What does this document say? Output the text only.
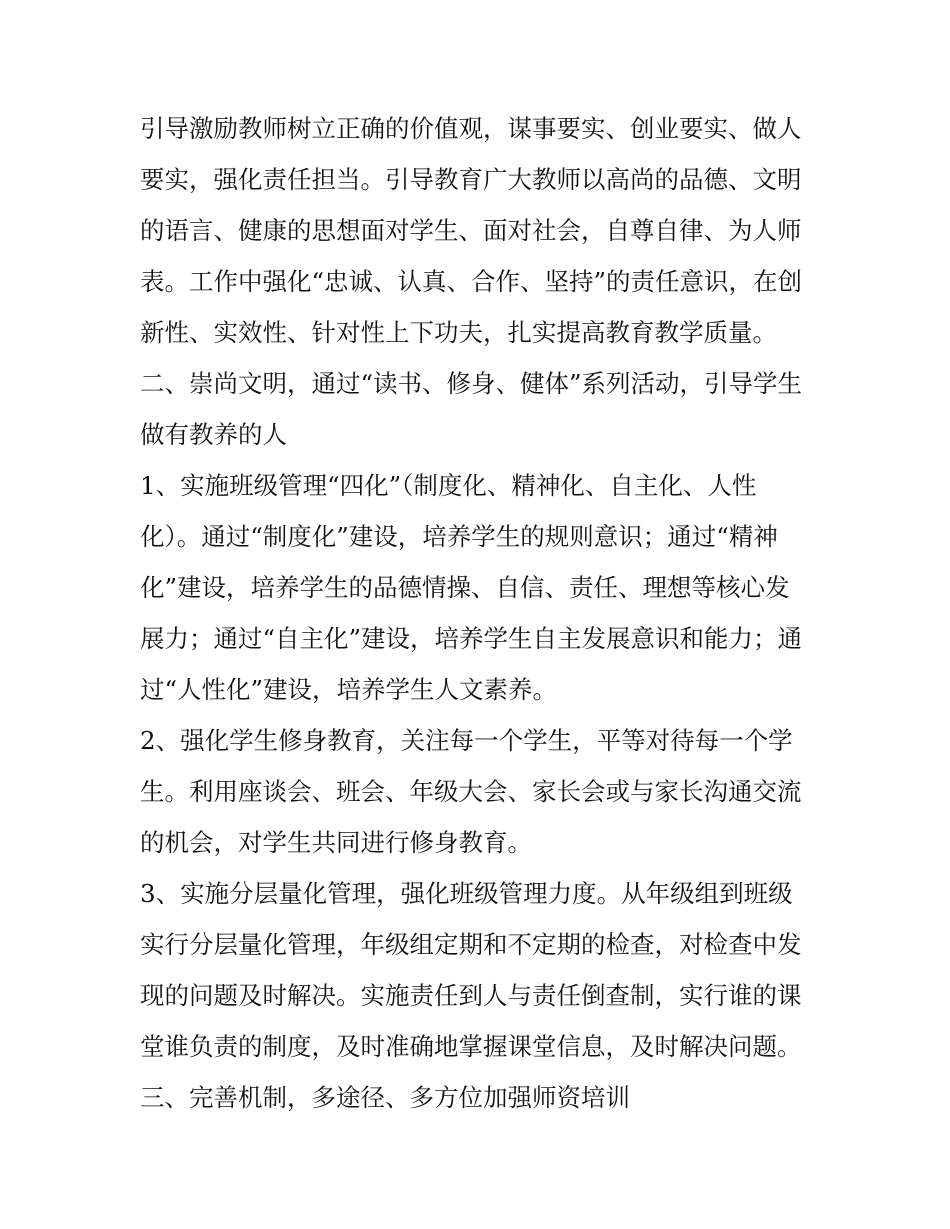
引导激励教师树立正确的价值观，谋事要实、创业要实、做人

要实，强化责任担当。引导教育广大教师以高尚的品德、文明

的语言、健康的思想面对学生、面对社会，自尊自律、为人师

表。工作中强化“忠诚、认真、合作、坚持”的责任意识，在创

新性、实效性、针对性上下功夫，扎实提高教育教学质量。

二、崇尚文明，通过“读书、修身、健体”系列活动，引导学生

做有教养的人

1、实施班级管理“四化”（制度化、精神化、自主化、人性

化）。通过“制度化”建设，培养学生的规则意识；通过“精神

化”建设，培养学生的品德情操、自信、责任、理想等核心发

展力；通过“自主化”建设，培养学生自主发展意识和能力；通

过“人性化”建设，培养学生人文素养。

2、强化学生修身教育，关注每一个学生，平等对待每一个学

生。利用座谈会、班会、年级大会、家长会或与家长沟通交流

的机会，对学生共同进行修身教育。

3、实施分层量化管理，强化班级管理力度。从年级组到班级

实行分层量化管理，年级组定期和不定期的检查，对检查中发

现的问题及时解决。实施责任到人与责任倒查制，实行谁的课

堂谁负责的制度，及时准确地掌握课堂信息，及时解决问题。

三、完善机制，多途径、多方位加强师资培训
